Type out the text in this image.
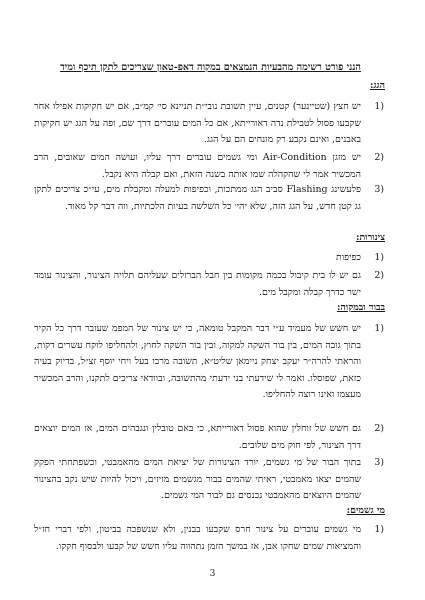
הנני פורט רשימה מהבעיות הנמצאים במקוה דאפ-טאון שצריכים לתקן תיכף ומיד
הגג:
(1
יש חצץ (שטיינער) קטנים, עיין תשובת נובי״ת תניינא סי׳ קמ״ב, אם יש חקיקות אפילו אחר שקבעו פסול לטבילת נדה דאורייתא, אם כל המים עוברים דרך שם, ופה על הגג יש חקיקות באבנים, ואינם נקבע רק מונחים הם על הגג.
(2
יש מזגן Air-Condition ומי גשמים עוברים דרך עליו, ועושה המים שאובים, הרב המכשיר אמר לי שהקהלה שמו אותה בשנה הזאת, ואם קבלה היא נקבל.
(3
פלעשינג Flashing סביב הגג ממתכות, וכפיפות למעלה ומקבלת מים, עי״כ צריכים לתקן גג קטן חדש, על הגג הזה, שלא יהי׳ כל השלשה בעיות הלכתיות, ווה דבר קל מאוד.
צינורות:
(1
כפיפות
(2
גם יש לו בית קיבול בכמה מקומות בין חבל הברזלים שעליהם תלויה הצינור, והצינור עומד ישר כדרך קבלה ומקבל מים.
בבור ובמקוה:
(1
יש חשש של מעמיד ע״י דבר המקבל טומאה, כי יש צינור של המפמ שעובר דרך כל הקיר בתוך גובה המים, בין בור השקה למקוה, ובין בור השקה לחוץ, ולהחליפו לוקח עשרים דקות, והראתי להרה״ר יעקב יצחק ניימאן שליט״א, תשובה מרבו בעל ויחי יוסף זצ״ל, בדיוק בעיה כזאת, שפוסלו. ואמר לי שידעתי בני ידעתי מהתשובה, ובוודאי צריכים לתקנו, והרב המכשיר מעצמו ואינו רוצה להחליפו.
(2
גם חשש של זוחלין שהוא פסול דאורייתא, כי באם טובלין ונגבהים המים, אז המים יוצאים דרך הצינור, לפי חוק מים שלובים.
(3
בתוך הבור של מי גשמים, יורד הצינורות של יציאת המים מהאמבטי, וכשפתחתי הפקק שהמים יצאו מאמבטי, ראיתי שהמים בבור מגשמים מזיזים, ויכול להיות שיש נקב בהצינור שהמים היוצאים מהאמבטי נכנסים גם לבור המי גשמים.
מי גשמים:
(1
מי גשמים עוברים על צינור חרס שקבעו בבנין, ולא שנשפכה בביטון, ולפי דברי חז״ל והמציאות שמים שחקו אבן, אז במשך הזמן נתהווה עליו חשש של קבעו ולבסוף חקקו.
3
